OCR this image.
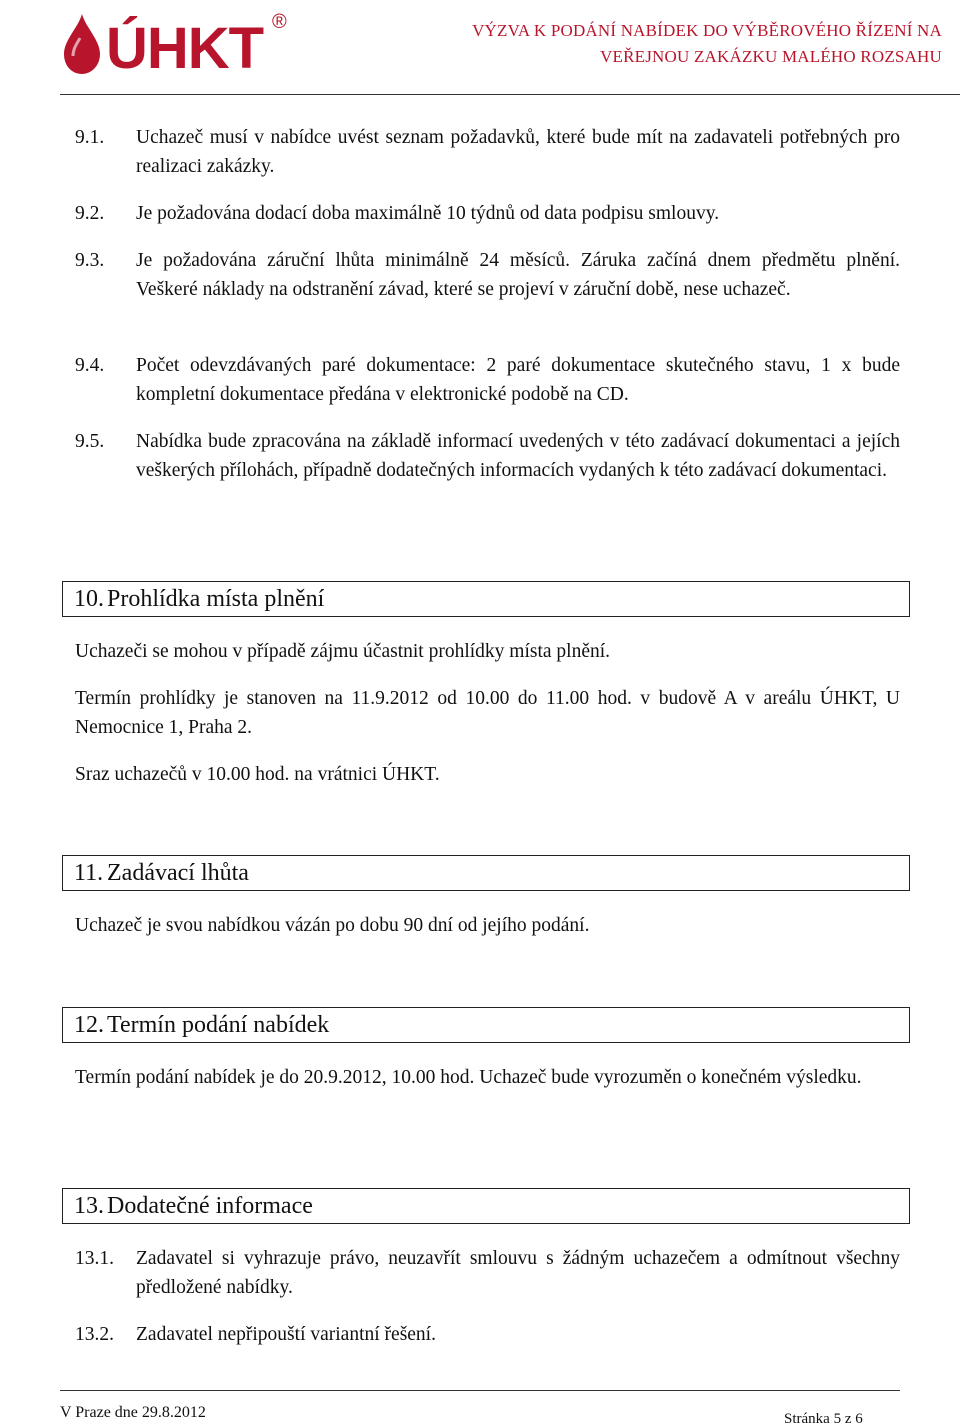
ÚHKT ®	VÝZVA K PODÁNÍ NABÍDEK DO VÝBĚROVÉHO ŘÍZENÍ NA
VEŘEJNOU ZAKÁZKU MALÉHO ROZSAHU
9.1.	Uchazeč musí v nabídce uvést seznam požadavků, které bude mít na zadavateli potřebných pro realizaci zakázky.
9.2.	Je požadována dodací doba maximálně 10 týdnů od data podpisu smlouvy.
9.3.	Je požadována záruční lhůta minimálně 24 měsíců. Záruka začíná dnem předmětu plnění. Veškeré náklady na odstranění závad, které se projeví v záruční době, nese uchazeč.
9.4.	Počet odevzdávaných paré dokumentace: 2 paré dokumentace skutečného stavu, 1 x bude kompletní dokumentace předána v elektronické podobě na CD.
9.5.	Nabídka bude zpracována na základě informací uvedených v této zadávací dokumentaci a jejích veškerých přílohách, případně dodatečných informacích vydaných k této zadávací dokumentaci.
10. Prohlídka místa plnění
Uchazeči se mohou v případě zájmu účastnit prohlídky místa plnění.
Termín prohlídky je stanoven na 11.9.2012 od 10.00 do 11.00 hod. v budově A v areálu ÚHKT, U Nemocnice 1, Praha 2.
Sraz uchazečů v 10.00 hod. na vrátnici ÚHKT.
11. Zadávací lhůta
Uchazeč je svou nabídkou vázán po dobu 90 dní od jejího podání.
12. Termín podání nabídek
Termín podání nabídek je do 20.9.2012, 10.00 hod. Uchazeč bude vyrozuměn o konečném výsledku.
13. Dodatečné informace
13.1.	Zadavatel si vyhrazuje právo, neuzavřít smlouvu s žádným uchazečem a odmítnout všechny předložené nabídky.
13.2.	Zadavatel nepřipouští variantní řešení.
V Praze dne 29.8.2012	Stránka 5 z 6
